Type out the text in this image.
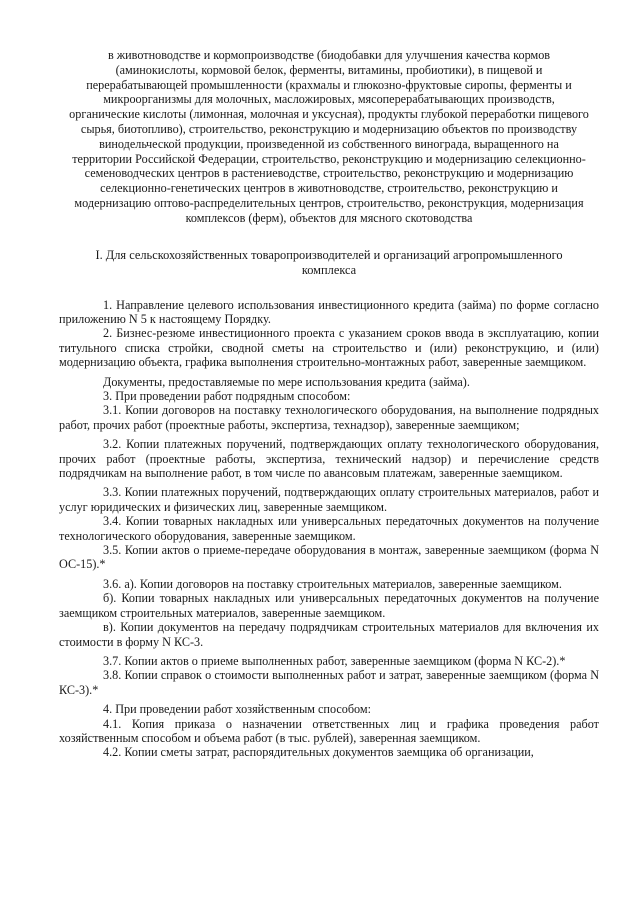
в животноводстве и кормопроизводстве (биодобавки для улучшения качества кормов (аминокислоты, кормовой белок, ферменты, витамины, пробиотики), в пищевой и перерабатывающей промышленности (крахмалы и глюкозно-фруктовые сиропы, ферменты и микроорганизмы для молочных, масложировых, мясоперерабатывающих производств, органические кислоты (лимонная, молочная и уксусная), продукты глубокой переработки пищевого сырья, биотопливо), строительство, реконструкцию и модернизацию объектов по производству винодельческой продукции, произведенной из собственного винограда, выращенного на территории Российской Федерации, строительство, реконструкцию и модернизацию селекционно-семеноводческих центров в растениеводстве, строительство, реконструкцию и модернизацию селекционно-генетических центров в животноводстве, строительство, реконструкцию и модернизацию оптово-распределительных центров, строительство, реконструкция, модернизация комплексов (ферм), объектов для мясного скотоводства

I. Для сельскохозяйственных товаропроизводителей и организаций агропромышленного комплекса

1. Направление целевого использования инвестиционного кредита (займа) по форме согласно приложению N 5 к настоящему Порядку.

2. Бизнес-резюме инвестиционного проекта с указанием сроков ввода в эксплуатацию, копии титульного списка стройки, сводной сметы на строительство и (или) реконструкцию, и (или) модернизацию объекта, графика выполнения строительно-монтажных работ, заверенные заемщиком.

Документы, предоставляемые по мере использования кредита (займа).

3. При проведении работ подрядным способом:

3.1. Копии договоров на поставку технологического оборудования, на выполнение подрядных работ, прочих работ (проектные работы, экспертиза, технадзор), заверенные заемщиком;

3.2. Копии платежных поручений, подтверждающих оплату технологического оборудования, прочих работ (проектные работы, экспертиза, технический надзор) и перечисление средств подрядчикам на выполнение работ, в том числе по авансовым платежам, заверенные заемщиком.

3.3. Копии платежных поручений, подтверждающих оплату строительных материалов, работ и услуг юридических и физических лиц, заверенные заемщиком.

3.4. Копии товарных накладных или универсальных передаточных документов на получение технологического оборудования, заверенные заемщиком.

3.5. Копии актов о приеме-передаче оборудования в монтаж, заверенные заемщиком (форма N ОС-15).*

3.6. а). Копии договоров на поставку строительных материалов, заверенные заемщиком.

б). Копии товарных накладных или универсальных передаточных документов на получение заемщиком строительных материалов, заверенные заемщиком.

в). Копии документов на передачу подрядчикам строительных материалов для включения их стоимости в форму N КС-3.

3.7. Копии актов о приеме выполненных работ, заверенные заемщиком (форма N КС-2).*

3.8. Копии справок о стоимости выполненных работ и затрат, заверенные заемщиком (форма N КС-3).*

4. При проведении работ хозяйственным способом:

4.1. Копия приказа о назначении ответственных лиц и графика проведения работ хозяйственным способом и объема работ (в тыс. рублей), заверенная заемщиком.

4.2. Копии сметы затрат, распорядительных документов заемщика об организации,
